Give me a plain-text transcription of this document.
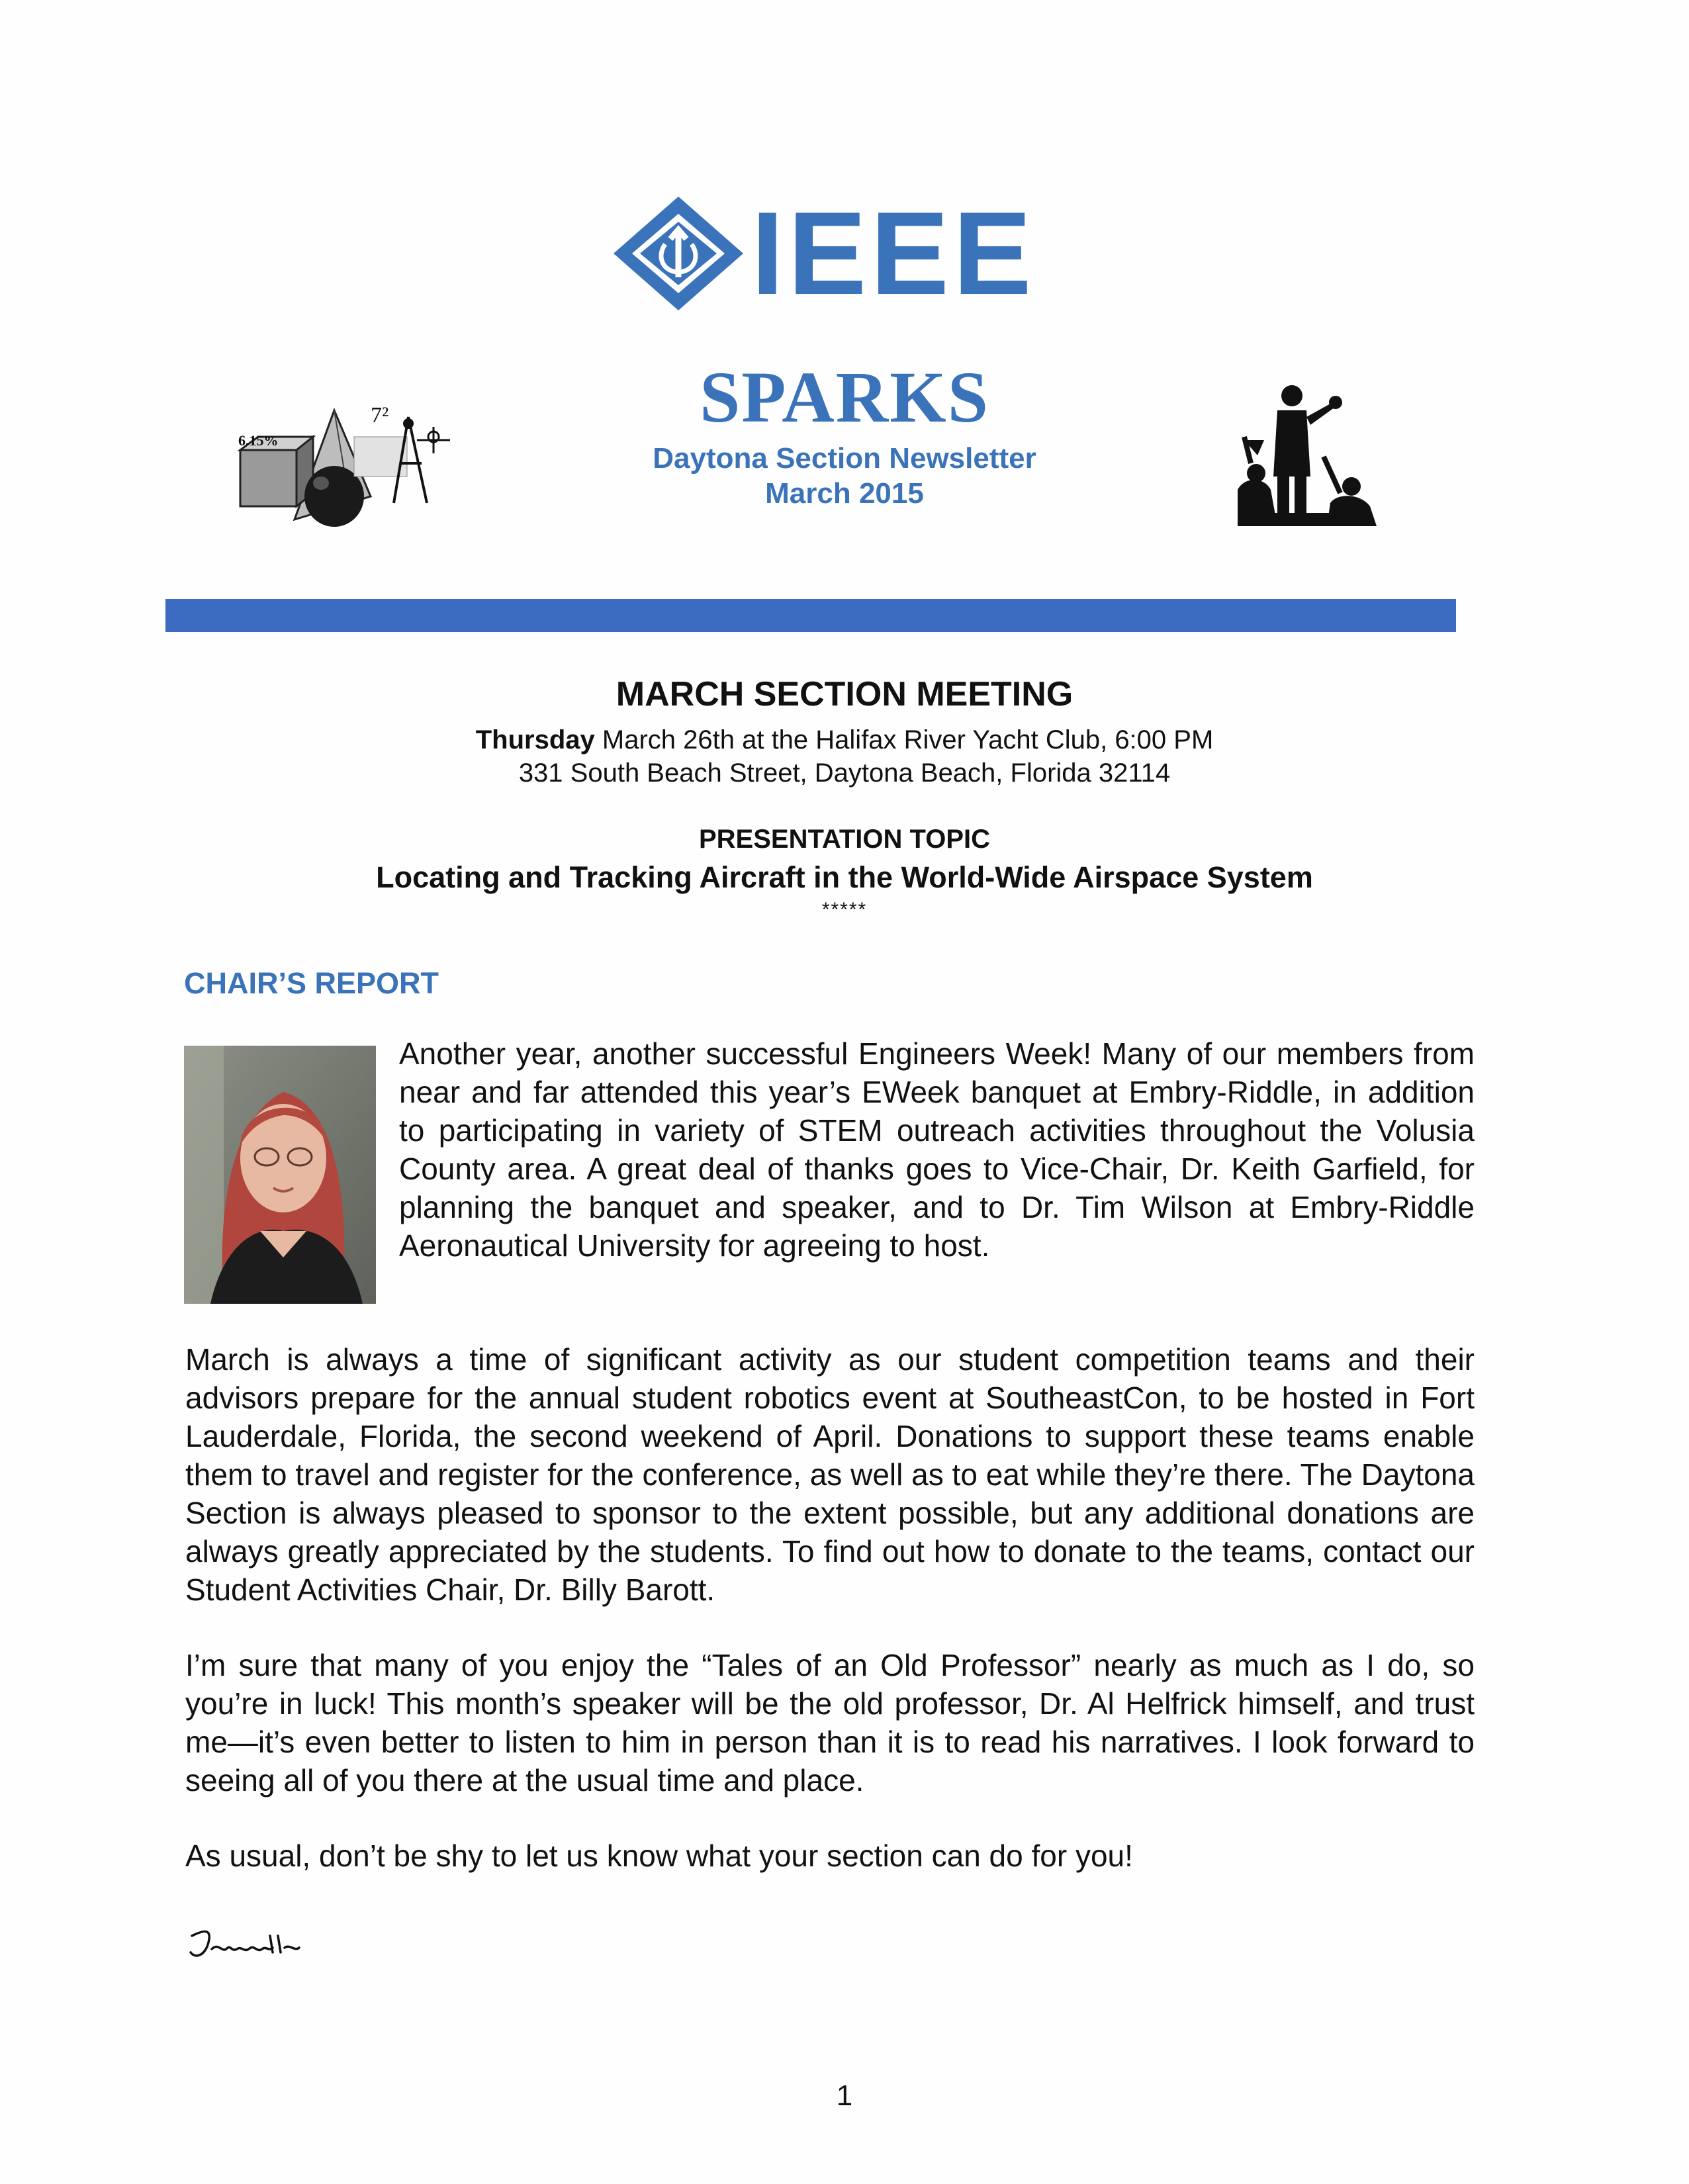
IEEE
6.15%
7²	SPARKS
Daytona Section Newsletter
March 2015
MARCH SECTION MEETING
Thursday March 26th at the Halifax River Yacht Club, 6:00 PM
331 South Beach Street, Daytona Beach, Florida 32114
PRESENTATION TOPIC
Locating and Tracking Aircraft in the World-Wide Airspace System
*****
CHAIR’S REPORT

Another year, another successful Engineers Week! Many of our members from near and far attended this year’s EWeek banquet at Embry-Riddle, in addition to participating in variety of STEM outreach activities throughout the Volusia County area. A great deal of thanks goes to Vice-Chair, Dr. Keith Garfield, for planning the banquet and speaker, and to Dr. Tim Wilson at Embry-Riddle Aeronautical University for agreeing to host.

March is always a time of significant activity as our student competition teams and their advisors prepare for the annual student robotics event at SoutheastCon, to be hosted in Fort Lauderdale, Florida, the second weekend of April. Donations to support these teams enable them to travel and register for the conference, as well as to eat while they’re there. The Daytona Section is always pleased to sponsor to the extent possible, but any additional donations are always greatly appreciated by the students. To find out how to donate to the teams, contact our Student Activities Chair, Dr. Billy Barott.

I’m sure that many of you enjoy the “Tales of an Old Professor” nearly as much as I do, so you’re in luck! This month’s speaker will be the old professor, Dr. Al Helfrick himself, and trust me—it’s even better to listen to him in person than it is to read his narratives. I look forward to seeing all of you there at the usual time and place.

As usual, don’t be shy to let us know what your section can do for you!

1
